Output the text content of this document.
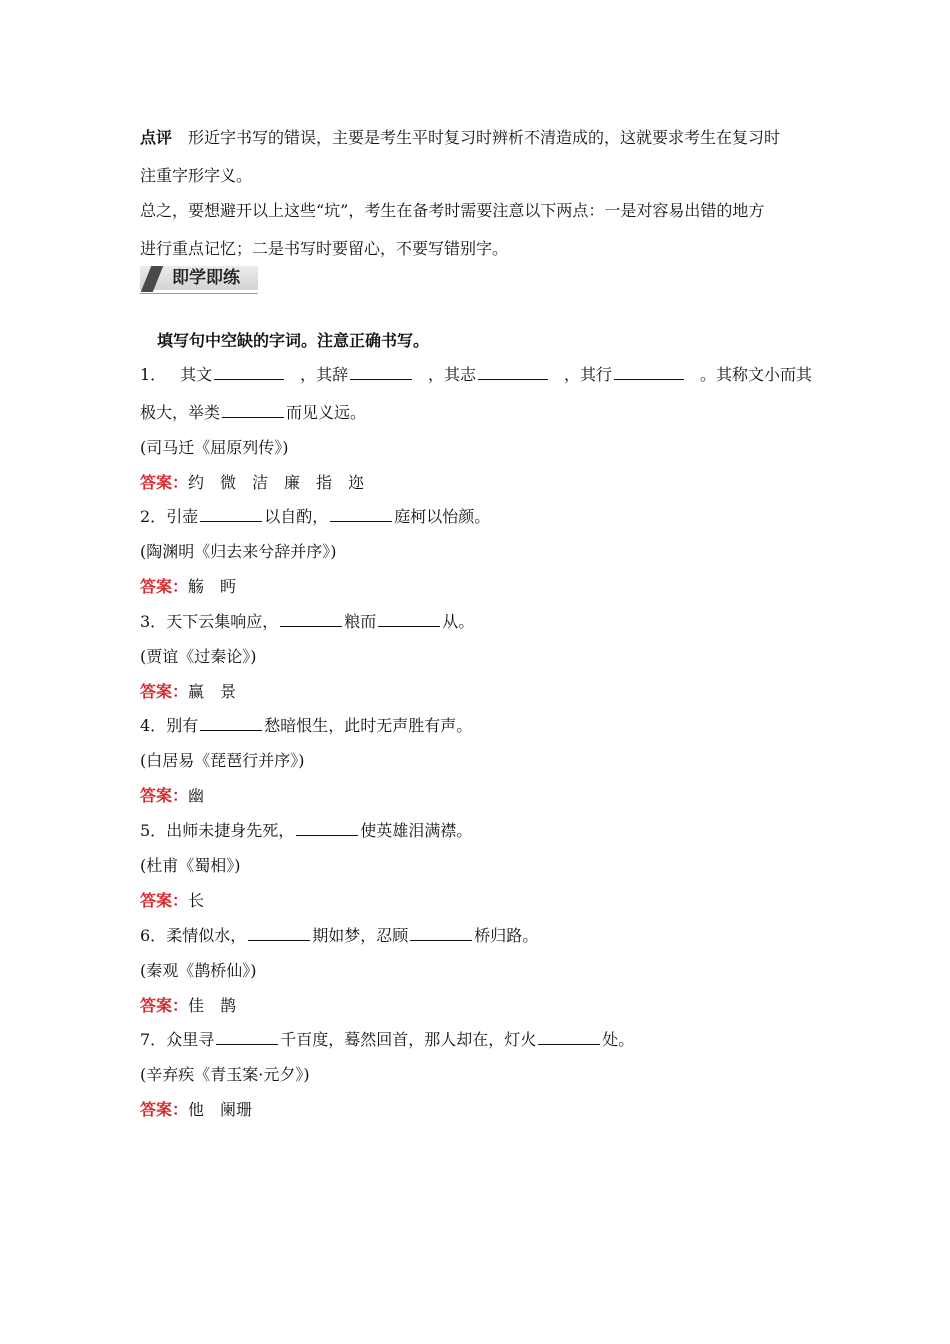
点评 形近字书写的错误，主要是考生平时复习时辨析不清造成的，这就要求考生在复习时
注重字形字义。
总之，要想避开以上这些“坑”，考生在备考时需要注意以下两点：一是对容易出错的地方
进行重点记忆；二是书写时要留心，不要写错别字。
即学即练
填写句中空缺的字词。注意正确书写。
1． 其文	，其辞	，其志	，其行	。其称文小而其
极大，举类	而见义远。
(司马迁《屈原列传》)
答案：约　微　洁　廉　指　迩
2．引壶	以自酌，	庭柯以怡颜。
(陶渊明《归去来兮辞并序》)
答案：觞　眄
3．天下云集响应，	粮而	从。
(贾谊《过秦论》)
答案：赢　景
4．别有	愁暗恨生，此时无声胜有声。
(白居易《琵琶行并序》)
答案：幽
5．出师未捷身先死，	使英雄泪满襟。
(杜甫《蜀相》)
答案：长
6．柔情似水，	期如梦，忍顾	桥归路。
(秦观《鹊桥仙》)
答案：佳　鹊
7．众里寻	千百度，蓦然回首，那人却在，灯火	处。
(辛弃疾《青玉案·元夕》)
答案：他　阑珊
